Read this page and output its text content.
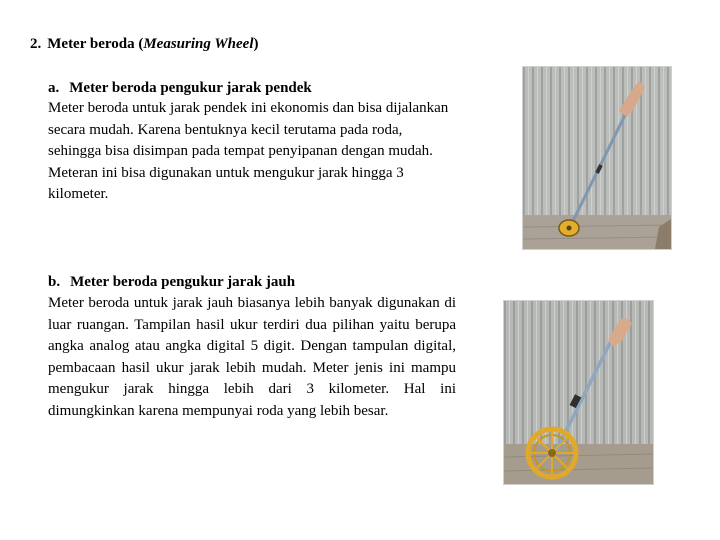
2. Meter beroda (Measuring Wheel)
a. Meter beroda pengukur jarak pendek

Meter beroda untuk jarak pendek ini ekonomis dan bisa dijalankan secara mudah. Karena bentuknya kecil terutama pada roda, sehingga bisa disimpan pada tempat penyipanan dengan mudah. Meteran ini bisa digunakan untuk mengukur jarak hingga 3 kilometer.

b. Meter beroda pengukur jarak jauh

Meter beroda untuk jarak jauh biasanya lebih banyak digunakan di luar ruangan. Tampilan hasil ukur terdiri dua pilihan yaitu berupa angka analog atau angka digital 5 digit. Dengan tampulan digital, pembacaan hasil ukur jarak lebih mudah. Meter jenis ini mampu mengukur jarak hingga lebih dari 3 kilometer. Hal ini dimungkinkan karena mempunyai roda yang lebih besar.
